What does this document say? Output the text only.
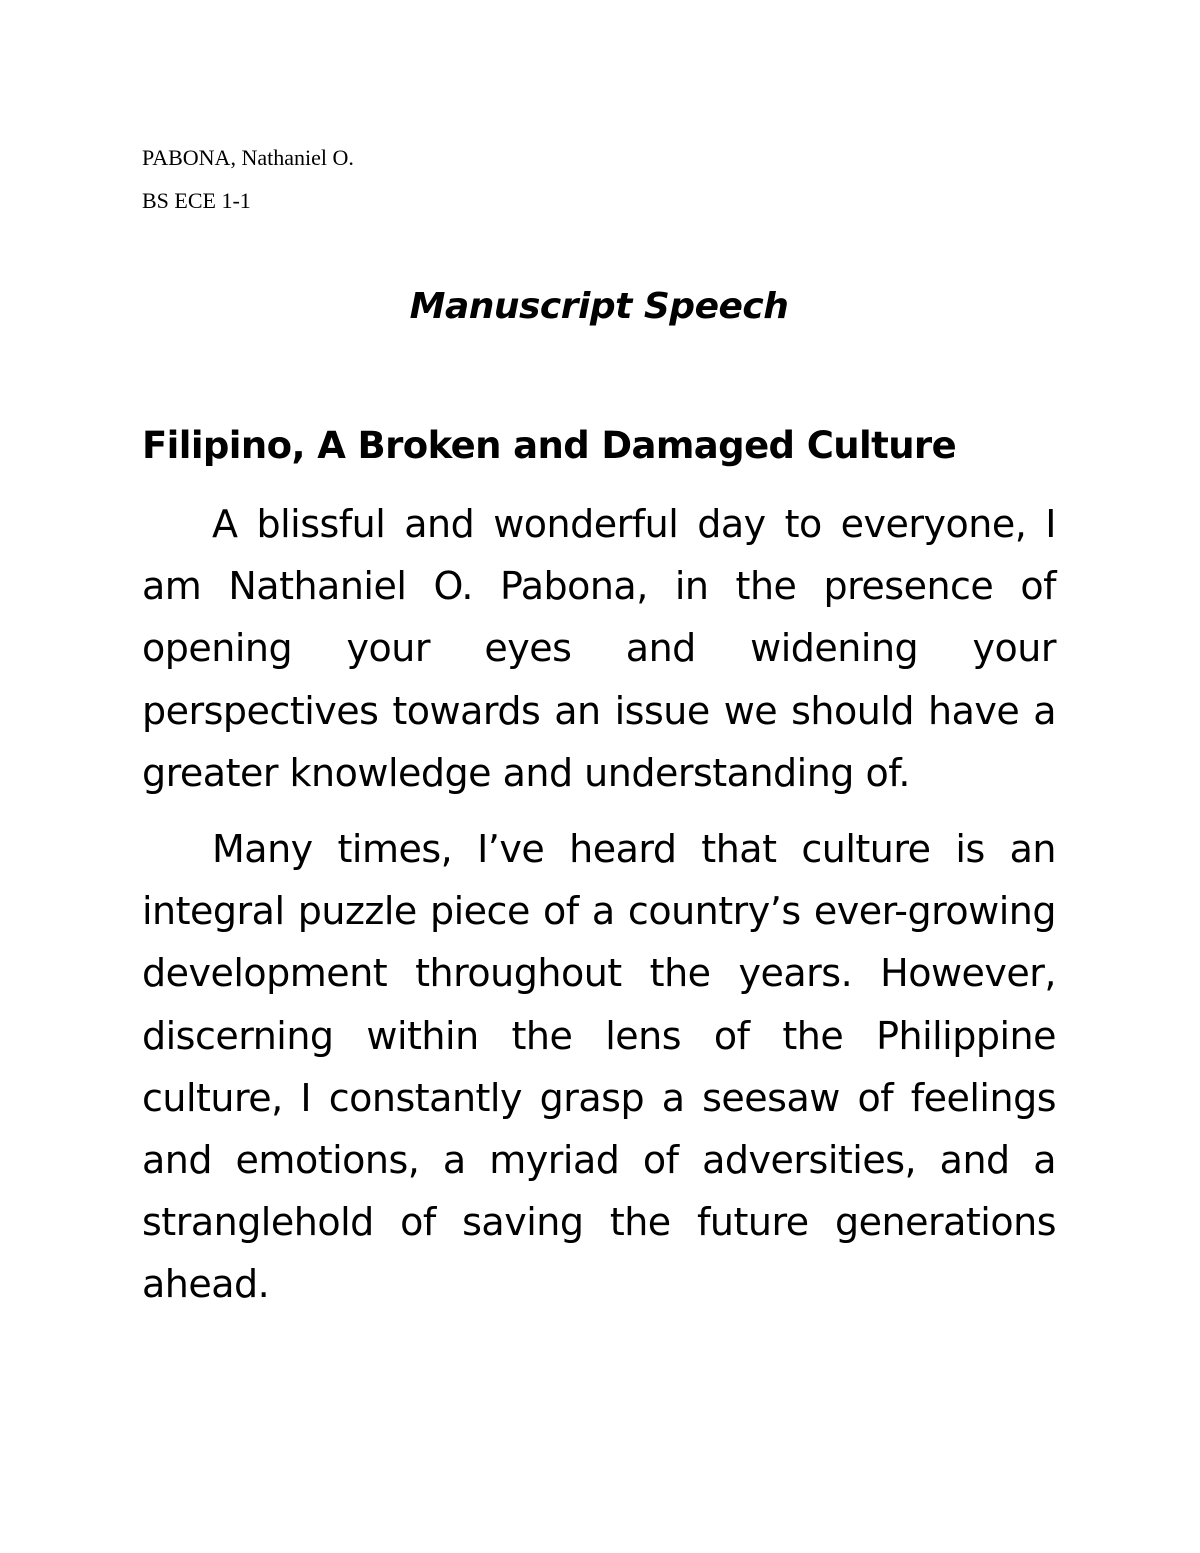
PABONA, Nathaniel O.

BS ECE 1-1

Manuscript Speech
Filipino, A Broken and Damaged Culture

A blissful and wonderful day to everyone, I am Nathaniel O. Pabona, in the presence of opening your eyes and widening your perspectives towards an issue we should have a greater knowledge and understanding of.

Many times, I’ve heard that culture is an integral puzzle piece of a country’s ever-growing development throughout the years. However, discerning within the lens of the Philippine culture, I constantly grasp a seesaw of feelings and emotions, a myriad of adversities, and a stranglehold of saving the future generations ahead.
